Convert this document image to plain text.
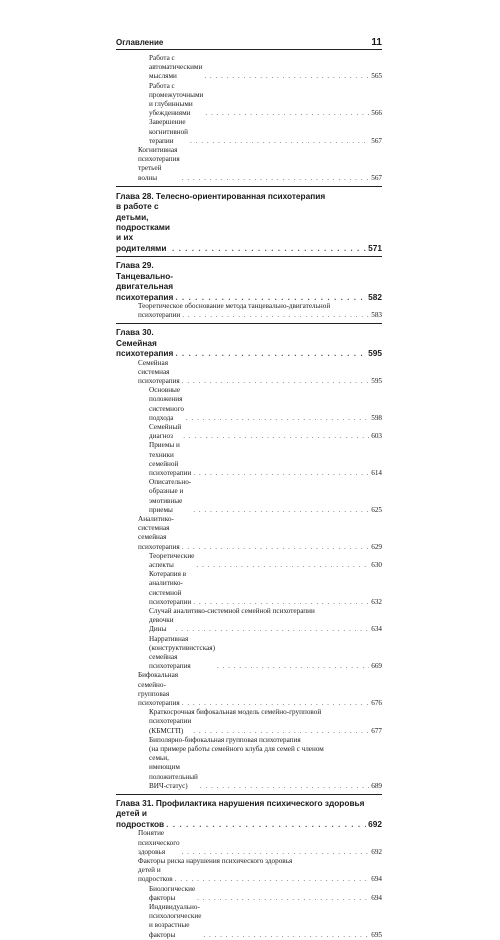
Оглавление	11
Работа с автоматическими мыслями . . .	565
Работа с промежуточными и глубинными убеждениями . . .	566
Завершение когнитивной терапии . . .	567
Когнитивная психотерапия третьей волны . . .	567
Глава 28. Телесно-ориентированная психотерапия
в работе с детьми, подростками и их родителями . . .	571
Глава 29. Танцевально-двигательная психотерапия . . .	582
Теоретическое обоснование метода танцевально-двигательной
психотерапии . . .	583
Глава 30. Семейная психотерапия . . .	595
Семейная системная психотерапия . . .	595
Основные положения системного подхода . . .	598
Семейный диагноз . . .	603
Приемы и техники семейной психотерапии . . .	614
Описательно-образные и эмотивные приемы . . .	625
Аналитико-системная семейная психотерапия . . .	629
Теоретические аспекты . . .	630
Котерапия в аналитико-системной психотерапии . . .	632
Случай аналитико-системной семейной психотерапии
девочки Дины . . .	634
Нарративная (конструктивистская) семейная психотерапия . . .	669
Бифокальная семейно-групповая психотерапия . . .	676
Краткосрочная бифокальная модель семейно-групповой
психотерапии (КБМСГП) . . .	677
Биполярно-бифокальная групповая психотерапия
(на примере работы семейного клуба для семей с членом
семьи, имеющим положительный ВИЧ-статус) . . .	689
Глава 31. Профилактика нарушения психического здоровья
детей и подростков . . .	692
Понятие психического здоровья . . .	692
Факторы риска нарушения психического здоровья
детей и подростков . . .	694
Биологические факторы . . .	694
Индивидуально-психологические и возрастные факторы . . .	695
